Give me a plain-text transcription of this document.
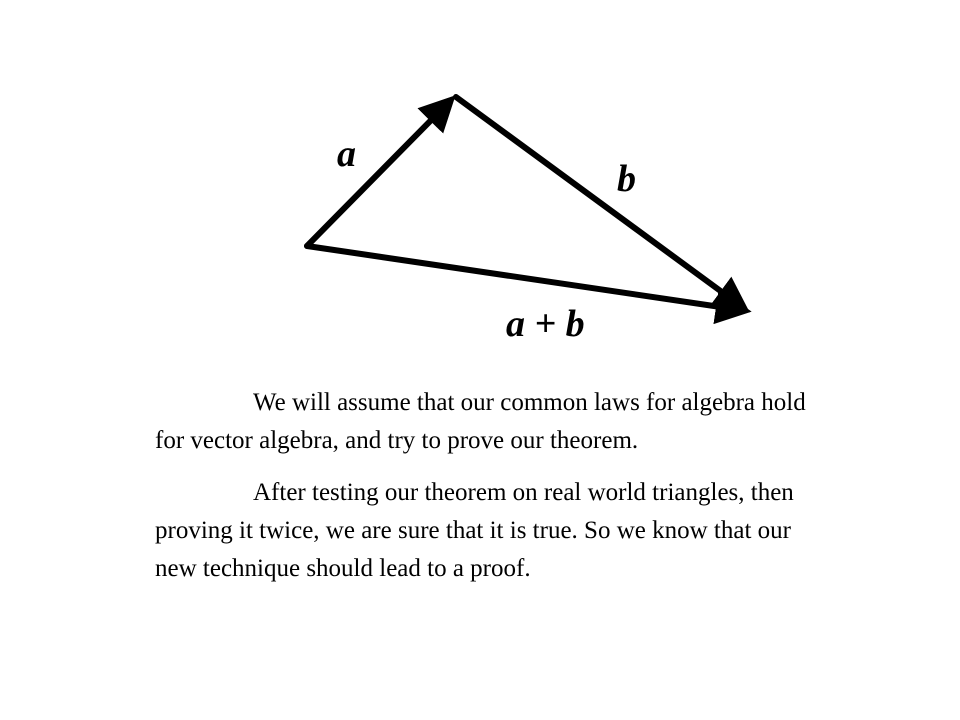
a
b
a + b

We will assume that our common laws for algebra hold for vector algebra, and try to prove our theorem.

After testing our theorem on real world triangles, then proving it twice, we are sure that it is true. So we know that our new technique should lead to a proof.
